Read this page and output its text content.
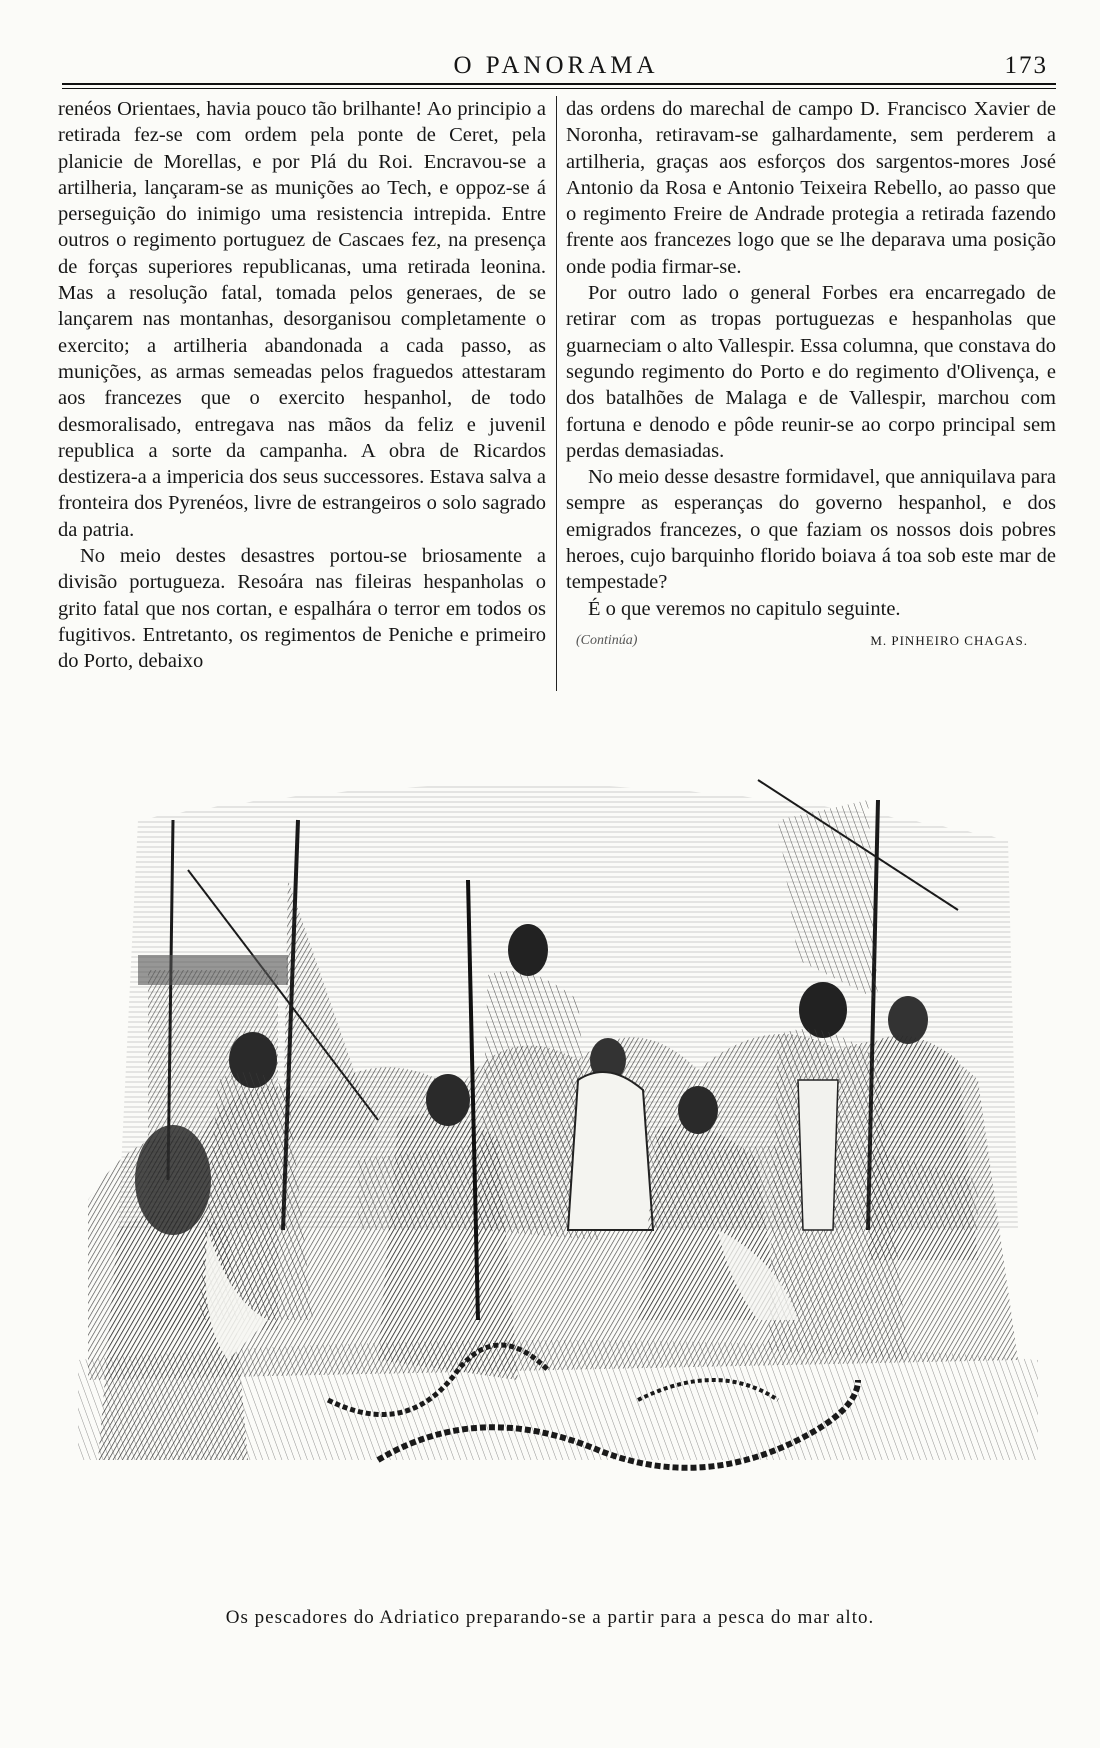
O PANORAMA	173

renéos Orientaes, havia pouco tão brilhante! Ao principio a retirada fez-se com ordem pela ponte de Ceret, pela planicie de Morellas, e por Plá du Roi. Encravou-se a artilheria, lançaram-se as munições ao Tech, e oppoz-se á perseguição do inimigo uma resistencia intrepida. Entre outros o regimento portuguez de Cascaes fez, na presença de forças superiores republicanas, uma retirada leonina. Mas a resolução fatal, tomada pelos generaes, de se lançarem nas montanhas, desorganisou completamente o exercito; a artilheria abandonada a cada passo, as munições, as armas semeadas pelos fraguedos attestaram aos francezes que o exercito hespanhol, de todo desmoralisado, entregava nas mãos da feliz e juvenil republica a sorte da campanha. A obra de Ricardos destizera-a a impericia dos seus successores. Estava salva a fronteira dos Pyrenéos, livre de estrangeiros o solo sagrado da patria.

No meio destes desastres portou-se briosamente a divisão portugueza. Resoára nas fileiras hespanholas o grito fatal que nos cortan, e espalhára o terror em todos os fugitivos. Entretanto, os regimentos de Peniche e primeiro do Porto, debaixo

das ordens do marechal de campo D. Francisco Xavier de Noronha, retiravam-se galhardamente, sem perderem a artilheria, graças aos esforços dos sargentos-mores José Antonio da Rosa e Antonio Teixeira Rebello, ao passo que o regimento Freire de Andrade protegia a retirada fazendo frente aos francezes logo que se lhe deparava uma posição onde podia firmar-se.

Por outro lado o general Forbes era encarregado de retirar com as tropas portuguezas e hespanholas que guarneciam o alto Vallespir. Essa columna, que constava do segundo regimento do Porto e do regimento d'Olivença, e dos batalhões de Malaga e de Vallespir, marchou com fortuna e denodo e pôde reunir-se ao corpo principal sem perdas demasiadas.

No meio desse desastre formidavel, que anniquilava para sempre as esperanças do governo hespanhol, e dos emigrados francezes, o que faziam os nossos dois pobres heroes, cujo barquinho florido boiava á toa sob este mar de tempestade?

É o que veremos no capitulo seguinte.

(Continúa)	M. PINHEIRO CHAGAS.
Os pescadores do Adriatico preparando-se a partir para a pesca do mar alto.
